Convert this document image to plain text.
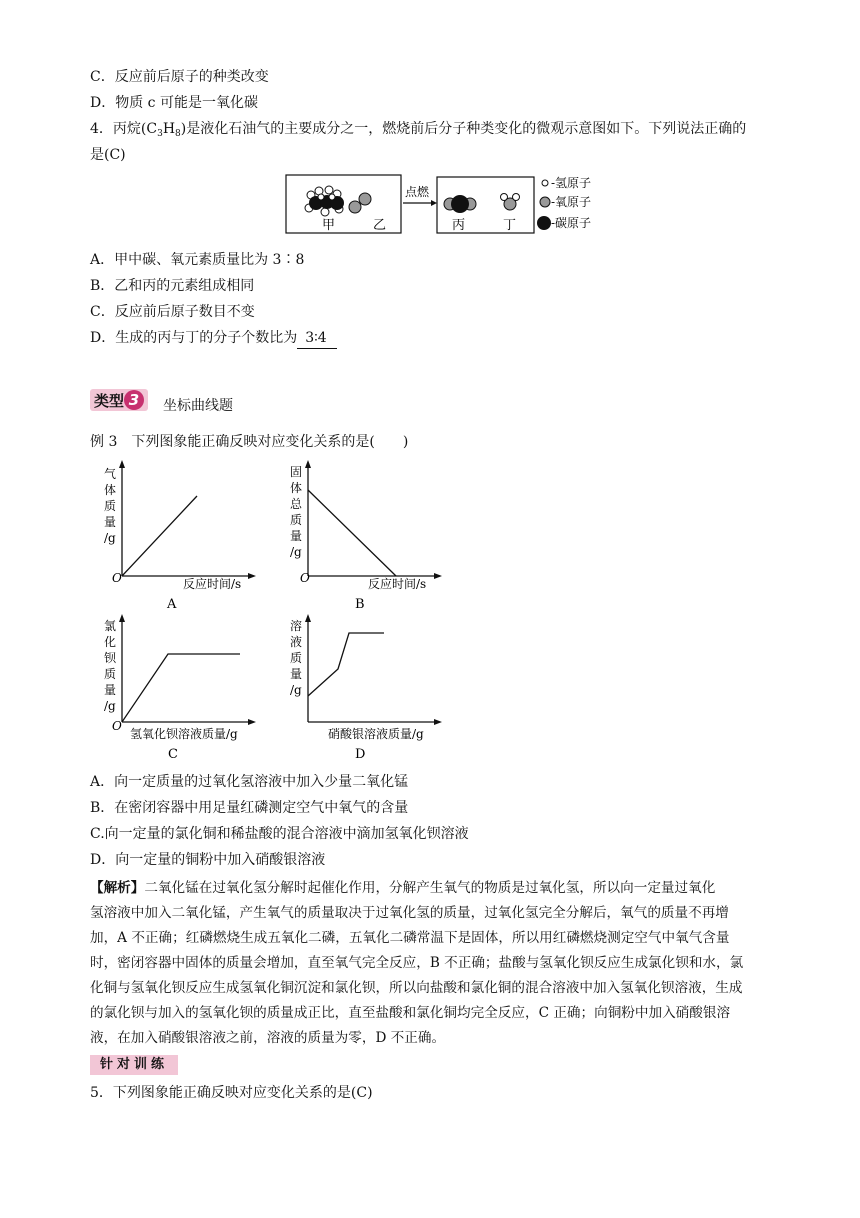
C．反应前后原子的种类改变
D．物质 c 可能是一氧化碳
4．丙烷$(C_3H_8)$是液化石油气的主要成分之一，燃烧前后分子种类变化的微观示意图如下。下列说法正确的
是(C)
甲	乙
点燃
丙	丁
-氢原子
-氧原子
-碳原子
A．甲中碳、氧元素质量比为 3∶8
B．乙和丙的元素组成相同
C．反应前后原子数目不变
D．生成的丙与丁的分子个数比为 3∶4
类型 3	坐标曲线题
例 3　下列图象能正确反映对应变化关系的是(　　)
气
体
质
量
/g
O	反应时间/s
A
固
体
总
质
量
/g
O	反应时间/s
B
氯
化
钡
质
量
/g
O
氢氧化钡溶液质量/g
C
溶
液
质
量
/g
硝酸银溶液质量/g
D
A．向一定质量的过氧化氢溶液中加入少量二氧化锰
B．在密闭容器中用足量红磷测定空气中氧气的含量
C.向一定量的氯化铜和稀盐酸的混合溶液中滴加氢氧化钡溶液
D．向一定量的铜粉中加入硝酸银溶液

【解析】二氧化锰在过氧化氢分解时起催化作用，分解产生氧气的物质是过氧化氢，所以向一定量过氧化

氢溶液中加入二氧化锰，产生氧气的质量取决于过氧化氢的质量，过氧化氢完全分解后，氧气的质量不再增

加，A 不正确；红磷燃烧生成五氧化二磷，五氧化二磷常温下是固体，所以用红磷燃烧测定空气中氧气含量

时，密闭容器中固体的质量会增加，直至氧气完全反应，B 不正确；盐酸与氢氧化钡反应生成氯化钡和水，氯

化铜与氢氧化钡反应生成氢氧化铜沉淀和氯化钡，所以向盐酸和氯化铜的混合溶液中加入氢氧化钡溶液，生成

的氯化钡与加入的氢氧化钡的质量成正比，直至盐酸和氯化铜均完全反应，C 正确；向铜粉中加入硝酸银溶

液，在加入硝酸银溶液之前，溶液的质量为零，D 不正确。

针对训练
5．下列图象能正确反映对应变化关系的是(C)
